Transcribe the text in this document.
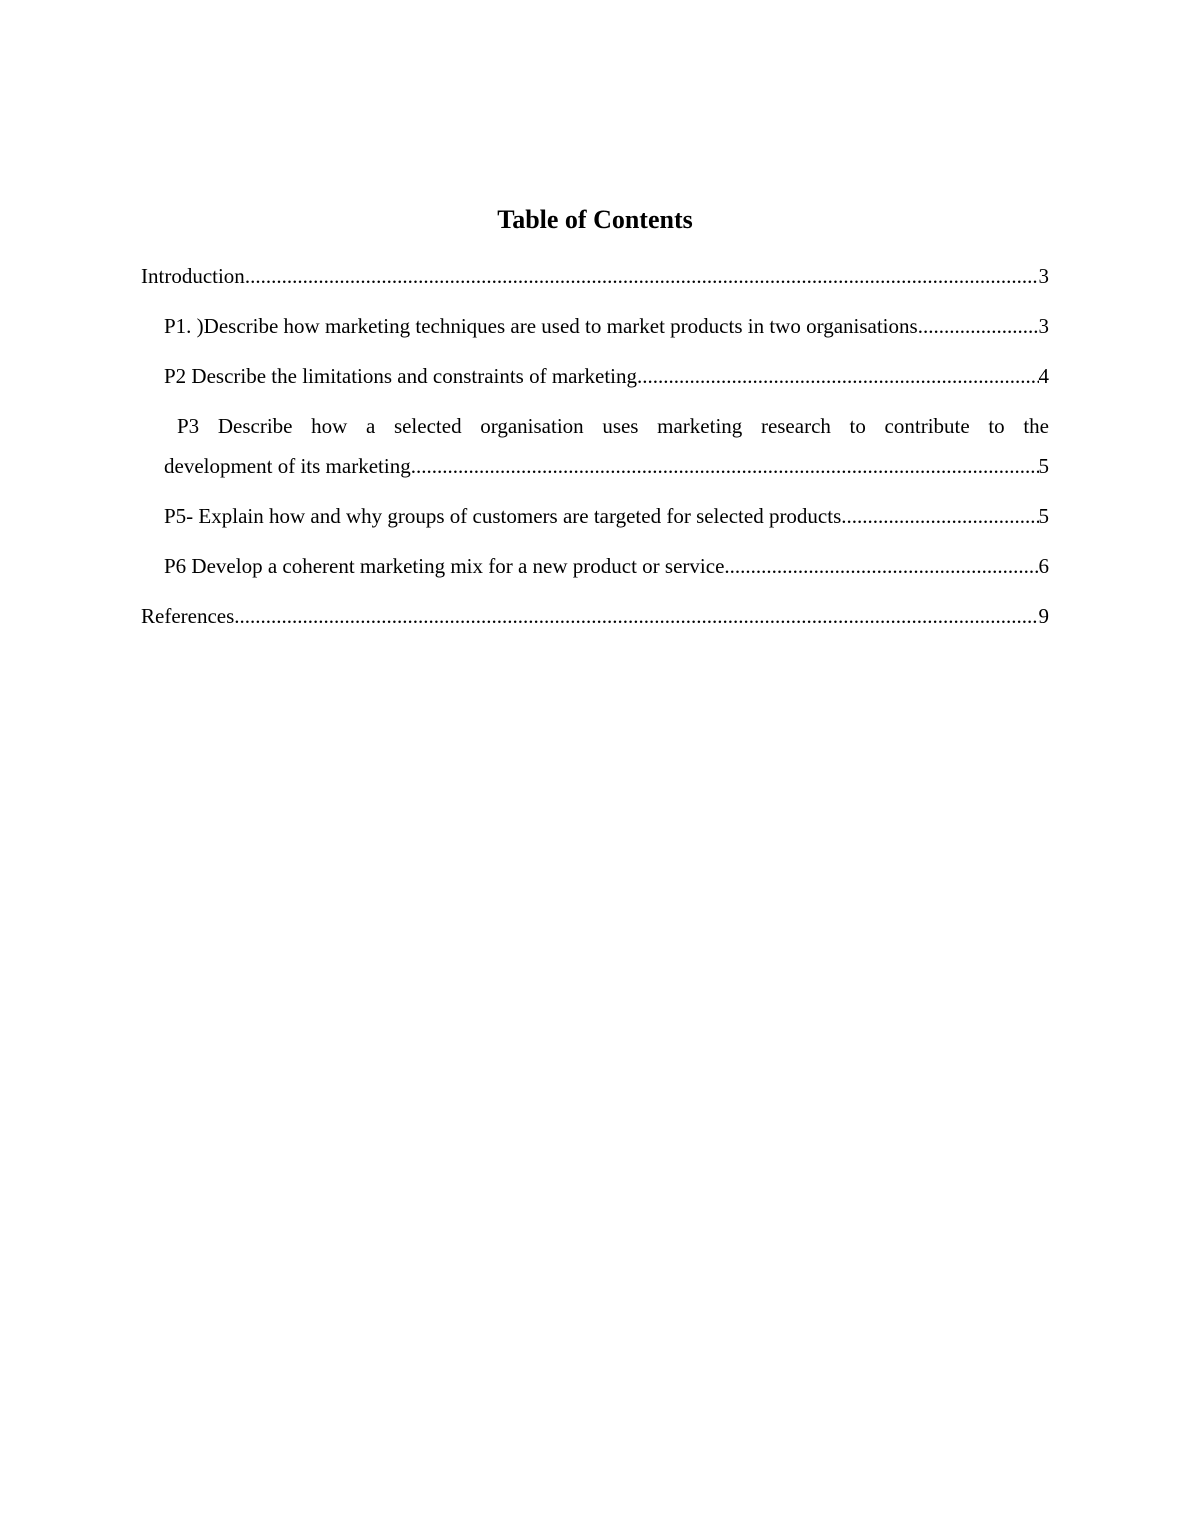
Table of Contents
Introduction .....	3
P1. )Describe how marketing techniques are used to market products in two organisations .....	3
P2 Describe the limitations and constraints of marketing .....	4
P3 Describe how a selected organisation uses marketing research to contribute to the
development of its marketing .....	5
P5- Explain how and why groups of customers are targeted for selected products .....	5
P6 Develop a coherent marketing mix for a new product or service .....	6
References .....	9
